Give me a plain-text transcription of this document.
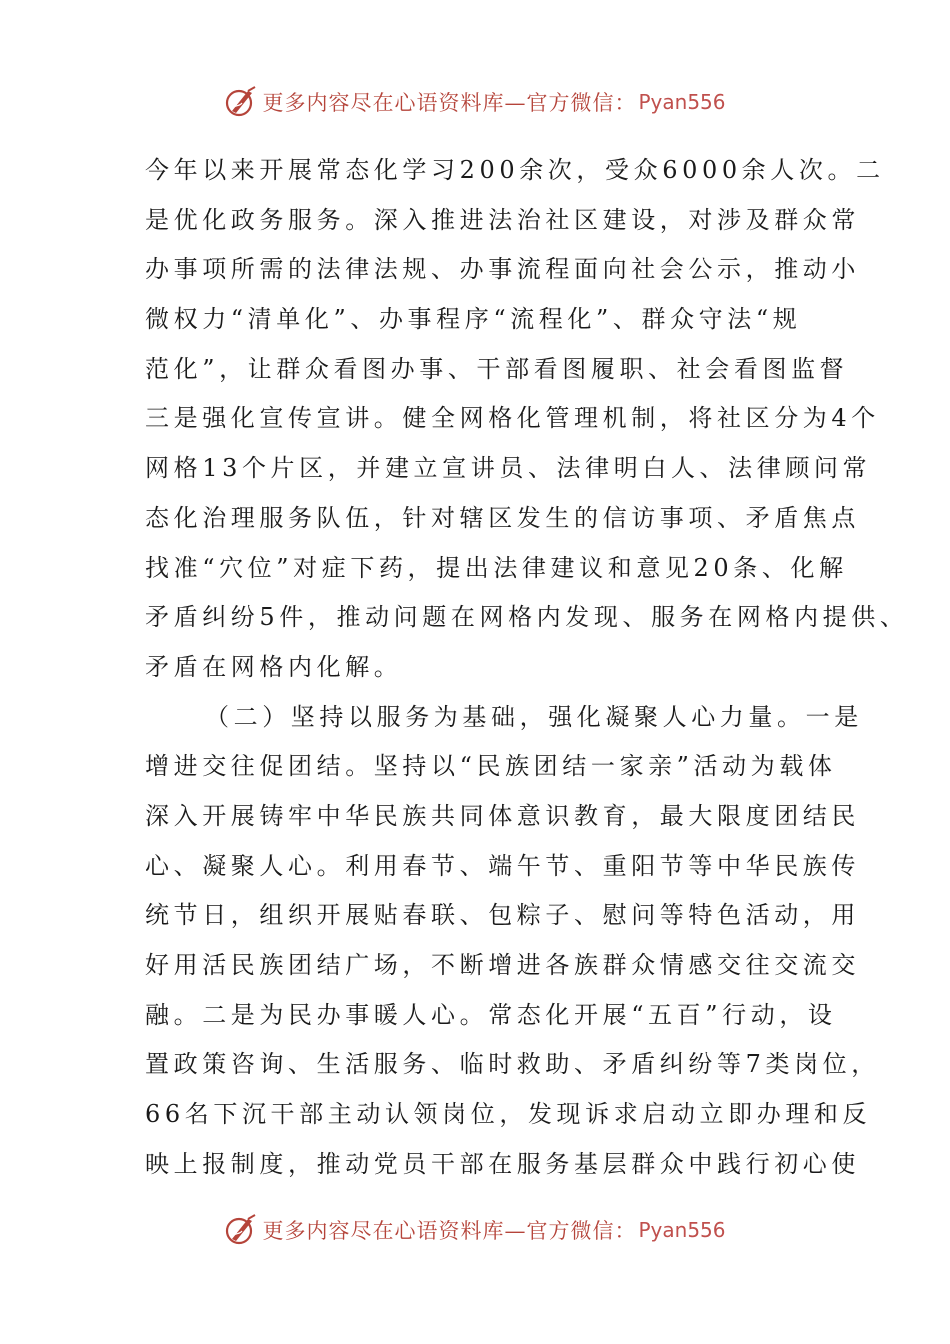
更多内容尽在心语资料库—官方微信： Pyan556
今年以来开展常态化学习200余次，受众6000余人次。二
是优化政务服务。深入推进法治社区建设，对涉及群众常
办事项所需的法律法规、办事流程面向社会公示，推动小
微权力“清单化”、办事程序“流程化”、群众守法“规
范化”，让群众看图办事、干部看图履职、社会看图监督
三是强化宣传宣讲。健全网格化管理机制，将社区分为4个
网格13个片区，并建立宣讲员、法律明白人、法律顾问常
态化治理服务队伍，针对辖区发生的信访事项、矛盾焦点
找准“穴位”对症下药，提出法律建议和意见20条、化解
矛盾纠纷5件，推动问题在网格内发现、服务在网格内提供、
矛盾在网格内化解。
（二）坚持以服务为基础，强化凝聚人心力量。一是
增进交往促团结。坚持以“民族团结一家亲”活动为载体
深入开展铸牢中华民族共同体意识教育，最大限度团结民
心、凝聚人心。利用春节、端午节、重阳节等中华民族传
统节日，组织开展贴春联、包粽子、慰问等特色活动，用
好用活民族团结广场，不断增进各族群众情感交往交流交
融。二是为民办事暖人心。常态化开展“五百”行动，设
置政策咨询、生活服务、临时救助、矛盾纠纷等7类岗位，
66名下沉干部主动认领岗位，发现诉求启动立即办理和反
映上报制度，推动党员干部在服务基层群众中践行初心使
更多内容尽在心语资料库—官方微信： Pyan556
